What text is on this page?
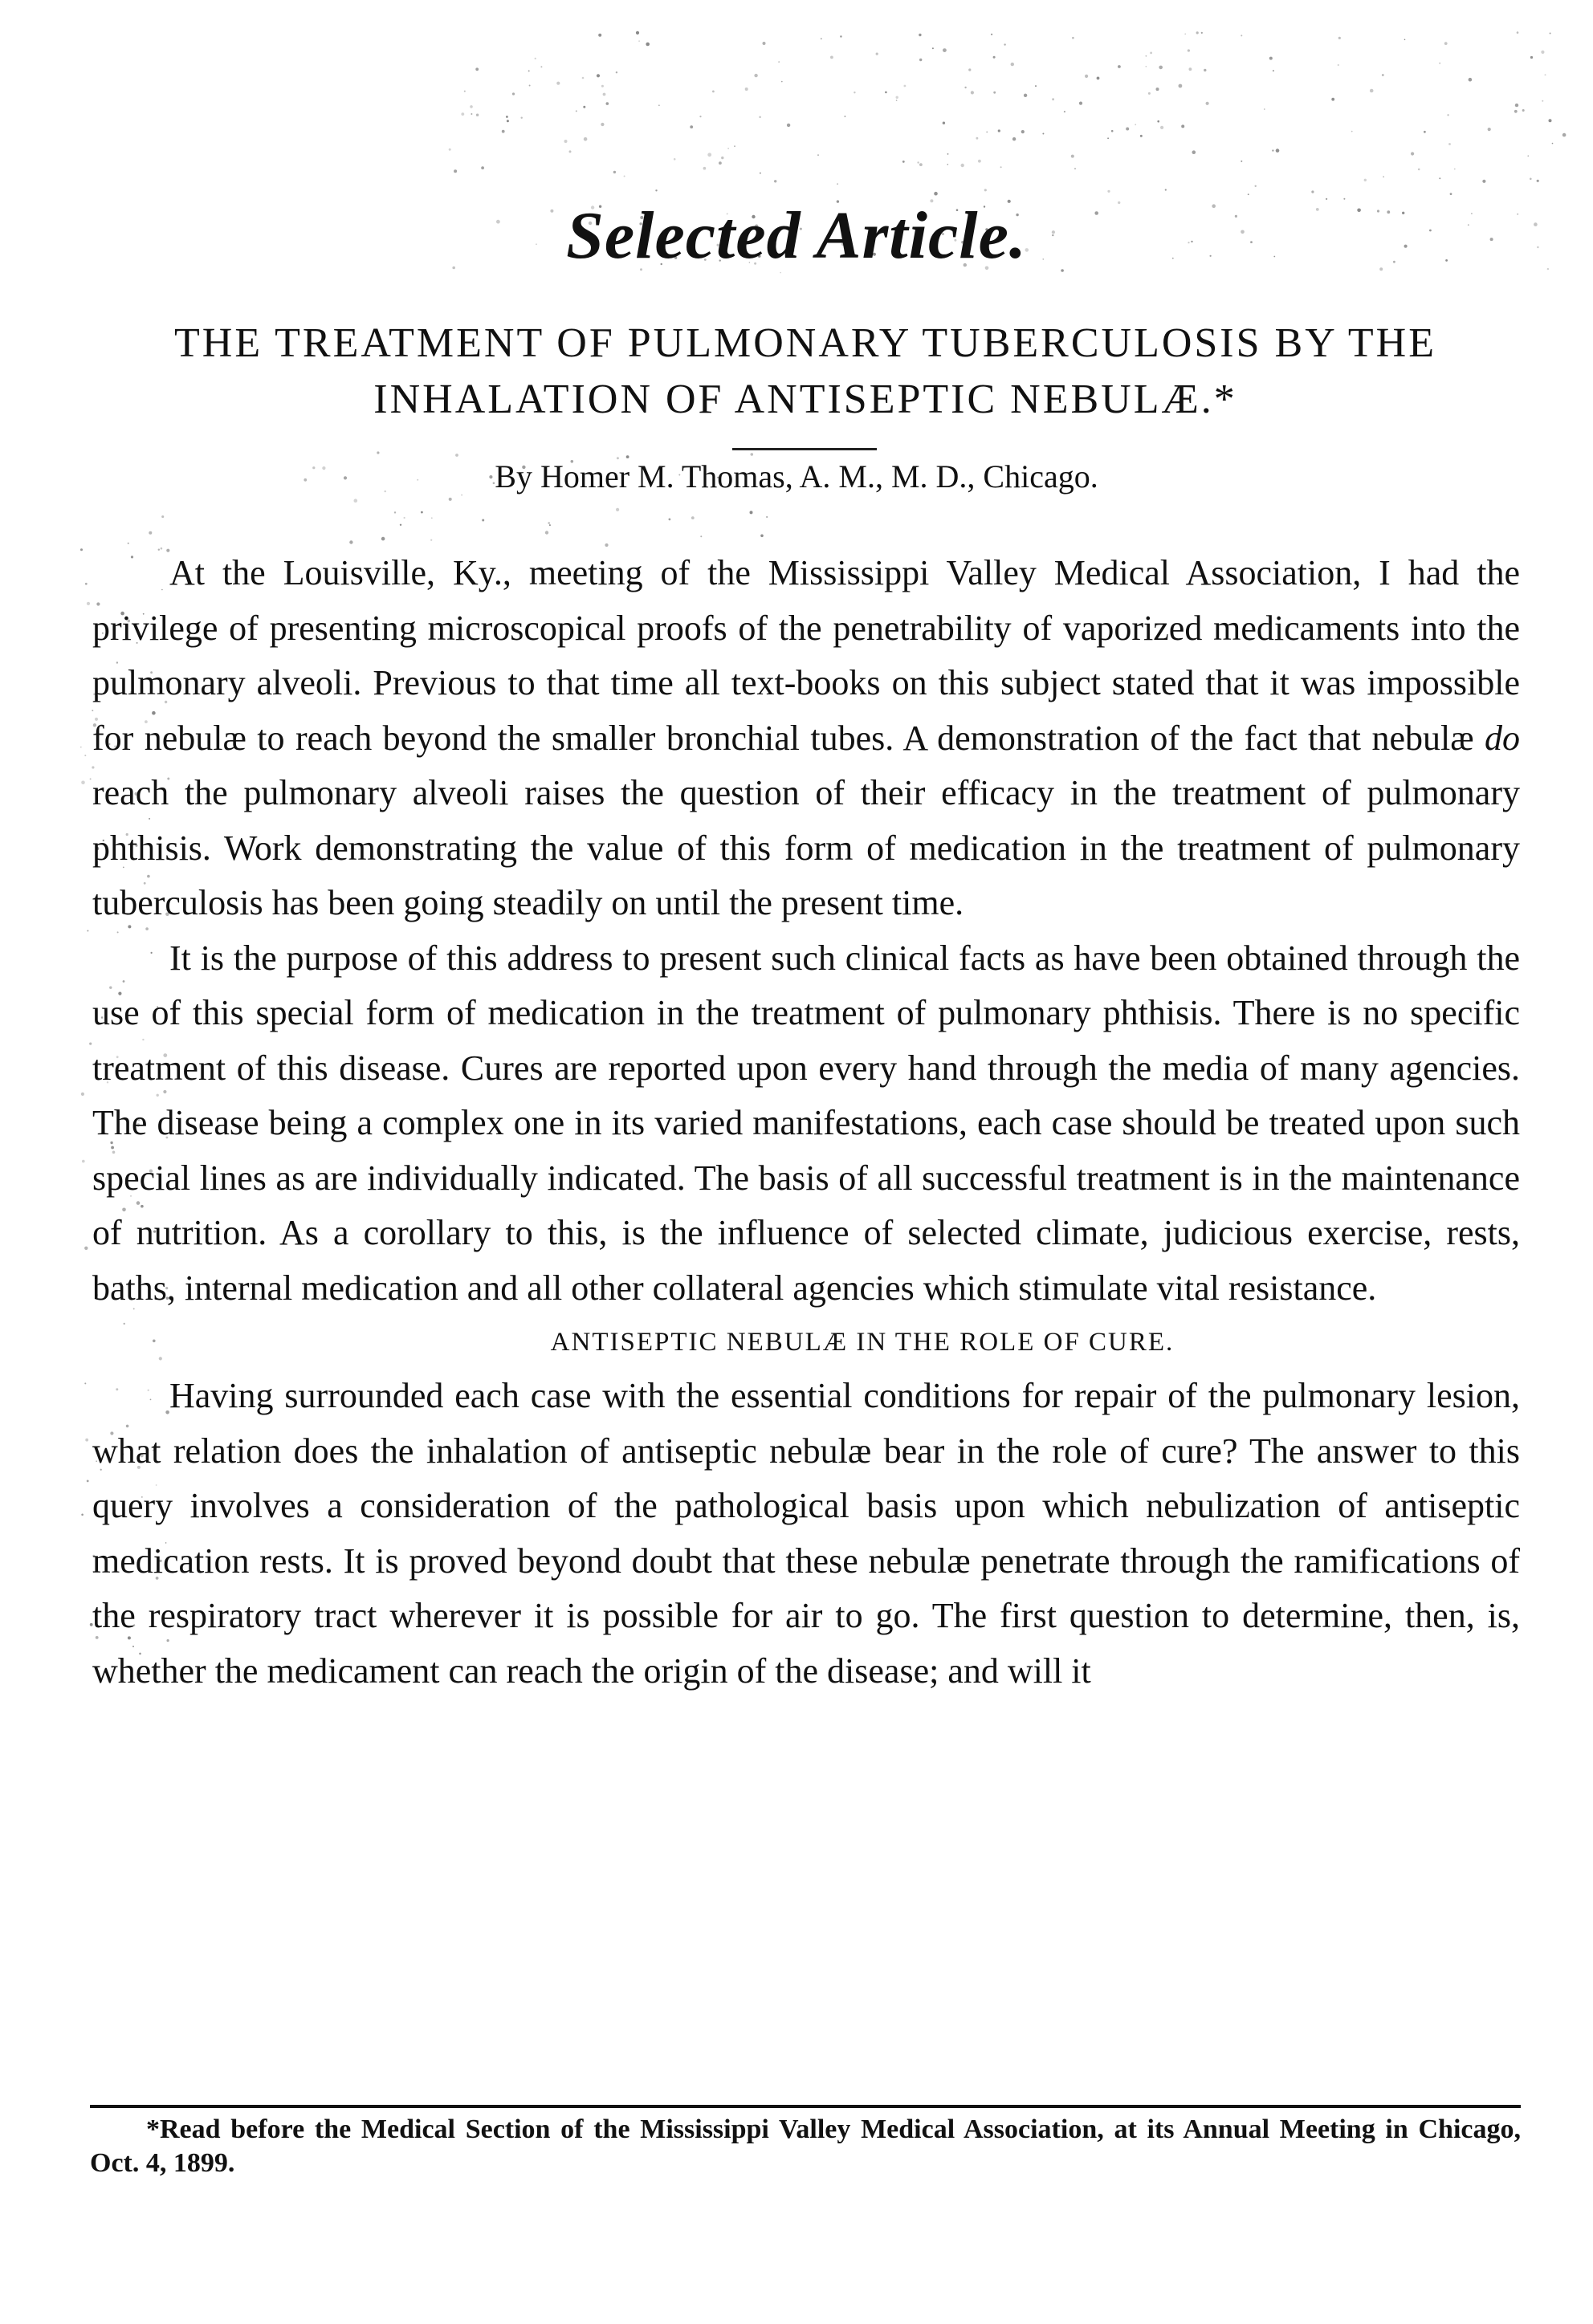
Selected Article.
THE TREATMENT OF PULMONARY TUBERCULOSIS BY THE
INHALATION OF ANTISEPTIC NEBULÆ.*
By Homer M. Thomas, A. M., M. D., Chicago.

At the Louisville, Ky., meeting of the Mississippi Valley Medical Association, I had the privilege of presenting microscopical proofs of the penetrability of vaporized medicaments into the pulmonary alveoli. Previous to that time all text-books on this subject stated that it was impossible for nebulæ to reach beyond the smaller bronchial tubes. A demonstration of the fact that nebulæ do reach the pulmonary alveoli raises the question of their efficacy in the treatment of pulmonary phthisis. Work demonstrating the value of this form of medication in the treatment of pulmonary tuberculosis has been going steadily on until the present time.

It is the purpose of this address to present such clinical facts as have been obtained through the use of this special form of medication in the treatment of pulmonary phthisis. There is no specific treatment of this disease. Cures are reported upon every hand through the media of many agencies. The disease being a complex one in its varied manifestations, each case should be treated upon such special lines as are individually indicated. The basis of all successful treatment is in the maintenance of nutrition. As a corollary to this, is the influence of selected climate, judicious exercise, rests, baths, internal medication and all other collateral agencies which stimulate vital resistance.

ANTISEPTIC NEBULÆ IN THE ROLE OF CURE.

Having surrounded each case with the essential conditions for repair of the pulmonary lesion, what relation does the inhalation of antiseptic nebulæ bear in the role of cure? The answer to this query involves a consideration of the pathological basis upon which nebulization of antiseptic medication rests. It is proved beyond doubt that these nebulæ penetrate through the ramifications of the respiratory tract wherever it is possible for air to go. The first question to determine, then, is, whether the medicament can reach the origin of the disease; and will it

*Read before the Medical Section of the Mississippi Valley Medical Association, at its Annual Meeting in Chicago, Oct. 4, 1899.
